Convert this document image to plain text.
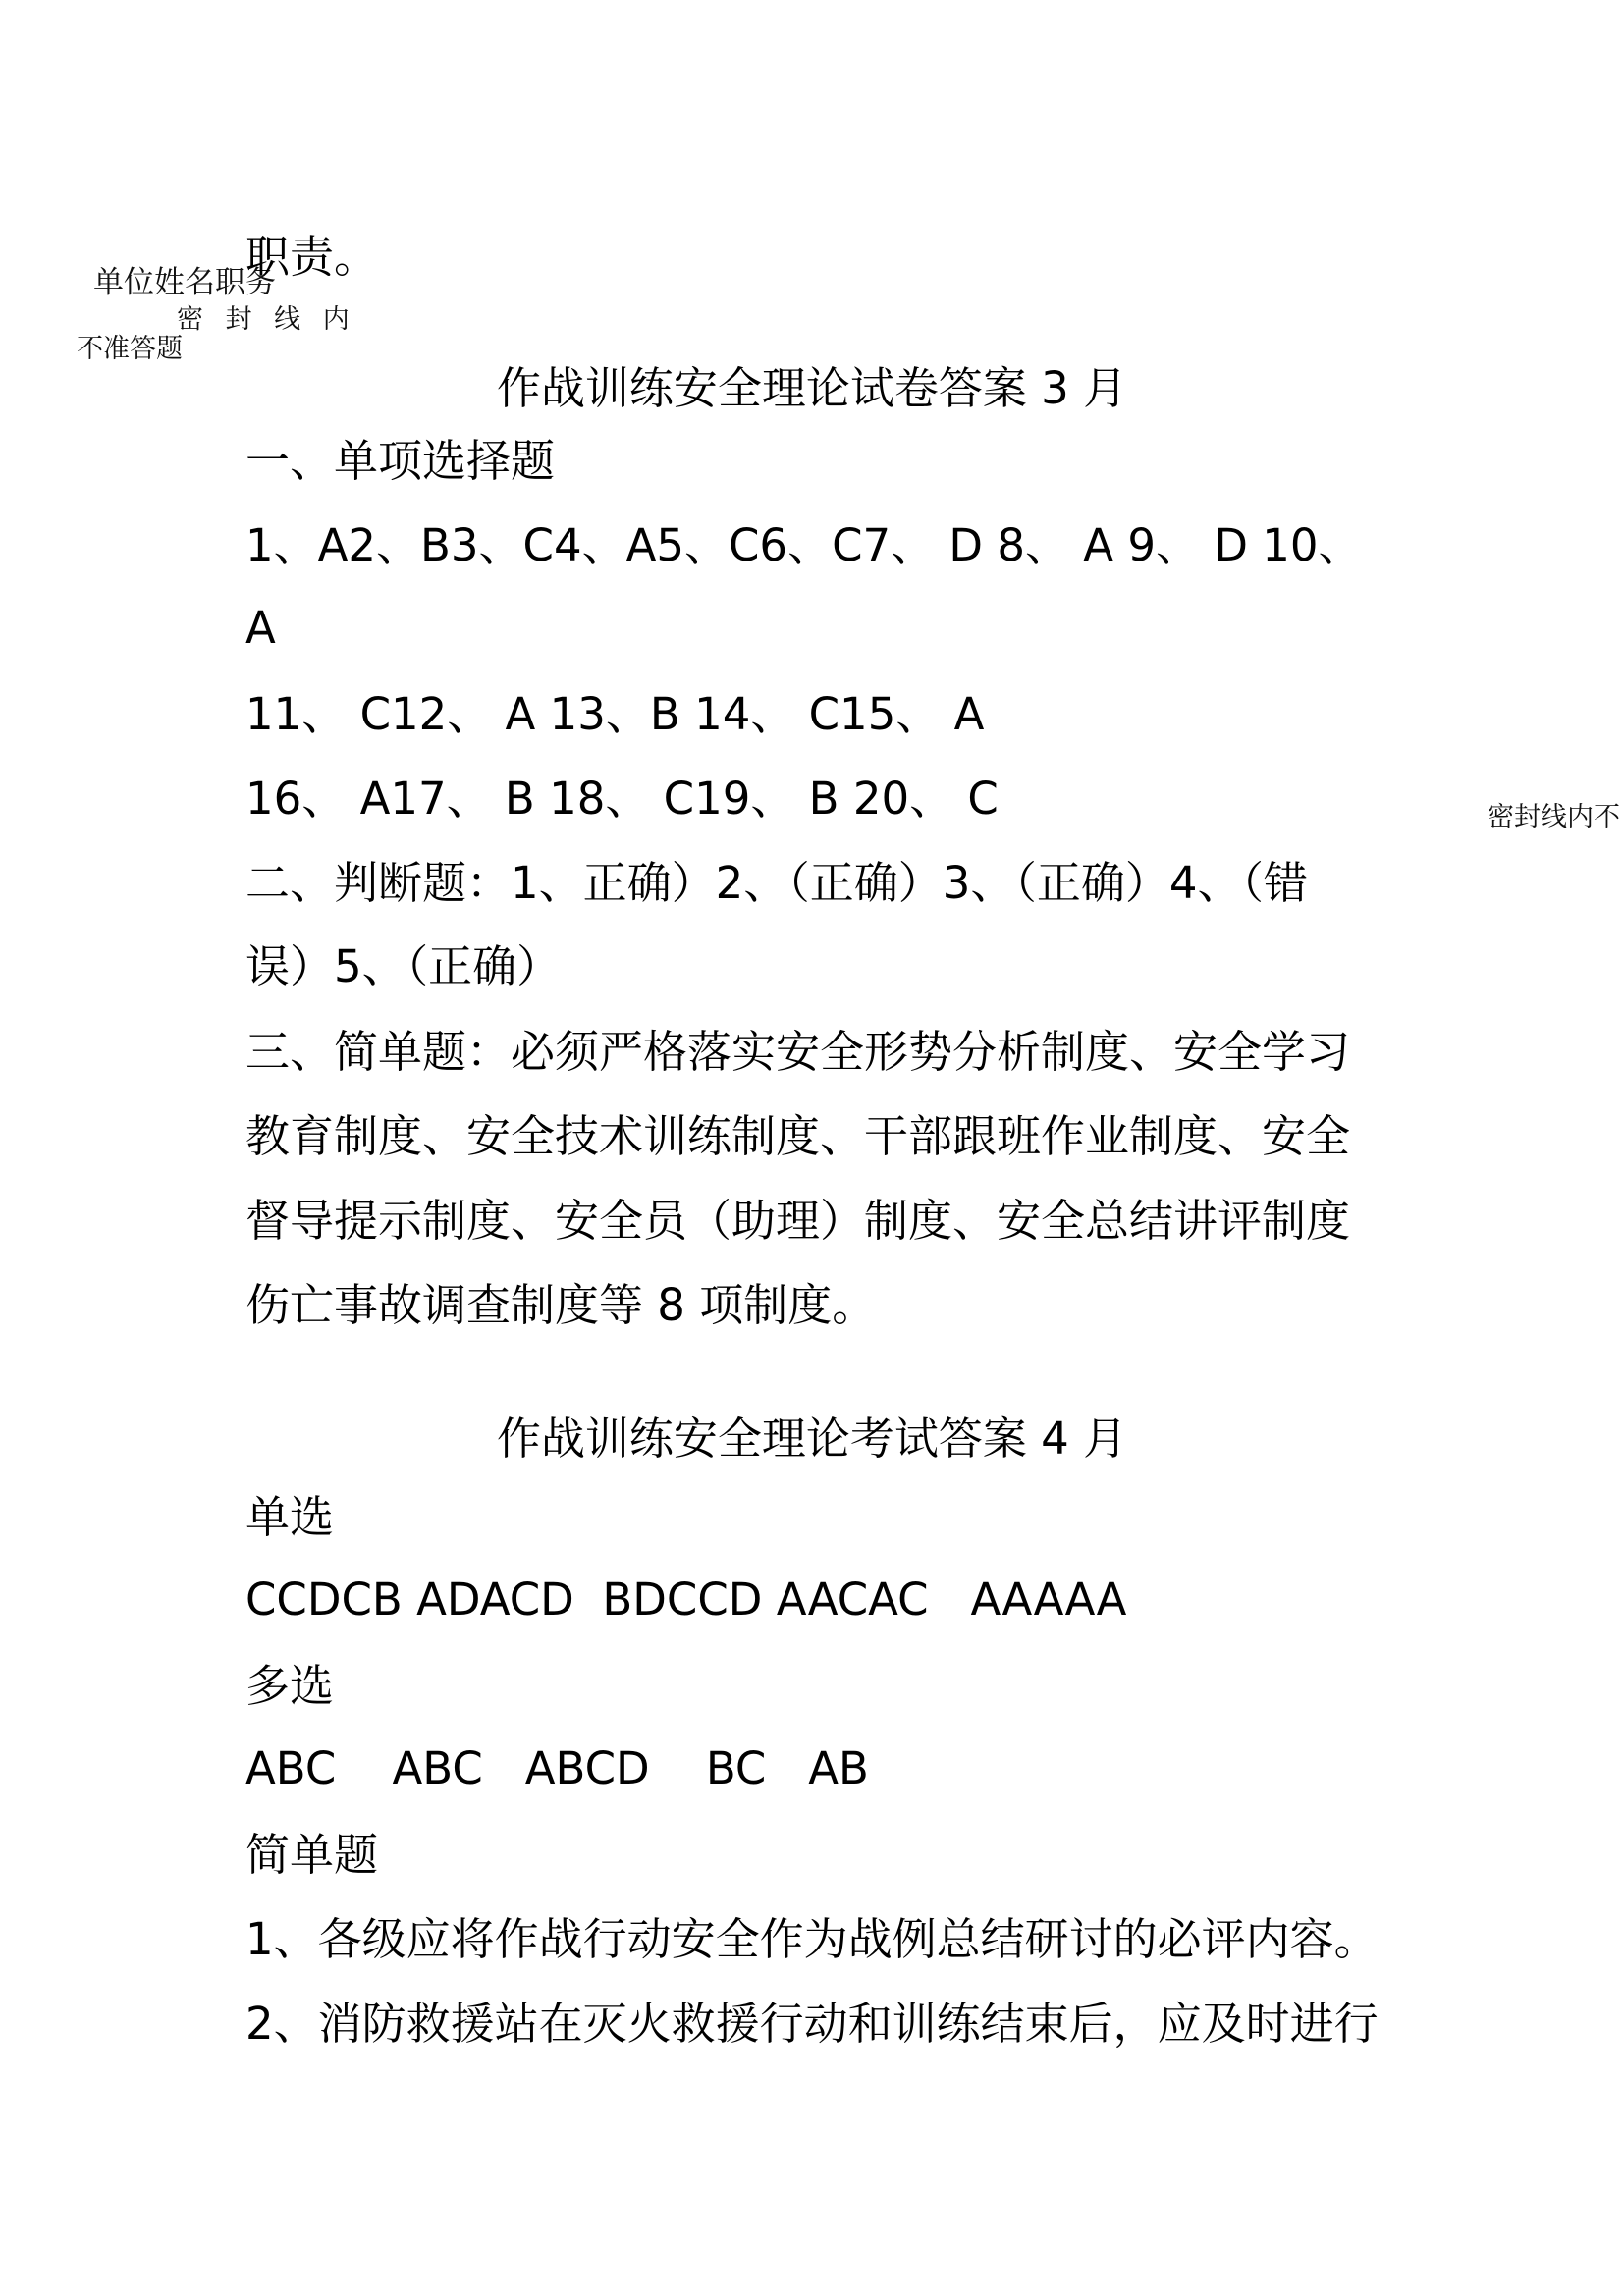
单位姓名职务
密 封 线 内
不准答题
密封线内不

职责。

作战训练安全理论试卷答案 3 月

一、单项选择题

1、A2、B3、C4、A5、C6、C7、 D 8、 A 9、 D 10、

A

11、 C12、 A 13、B 14、 C15、 A

16、 A17、 B 18、 C19、 B 20、 C

二、判断题：1、正确）2、（正确）3、（正确）4、（错

误）5、（正确）

三、简单题：必须严格落实安全形势分析制度、安全学习

教育制度、安全技术训练制度、干部跟班作业制度、安全

督导提示制度、安全员（助理）制度、安全总结讲评制度

伤亡事故调查制度等 8 项制度。

作战训练安全理论考试答案 4 月

单选

CCDCB ADACD  BDCCD AACAC   AAAAA

多选

ABC    ABC   ABCD    BC   AB

简单题

1、各级应将作战行动安全作为战例总结研讨的必评内容。

2、消防救援站在灭火救援行动和训练结束后，应及时进行
